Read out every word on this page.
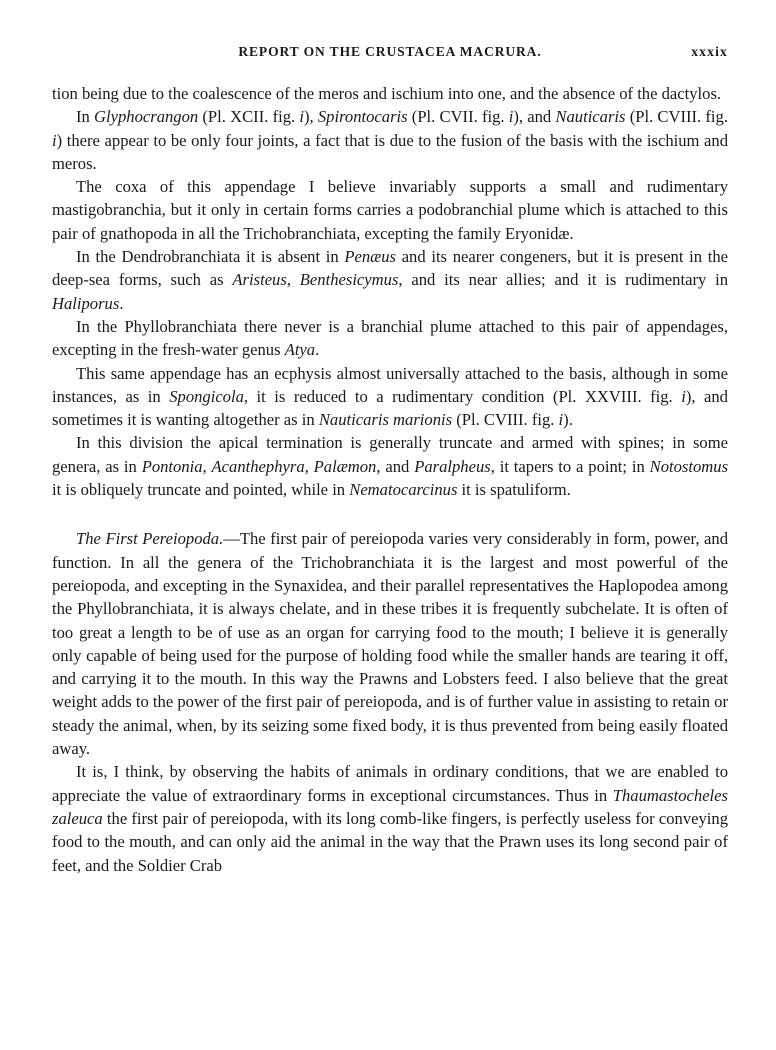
REPORT ON THE CRUSTACEA MACRURA.	xxxix

tion being due to the coalescence of the meros and ischium into one, and the absence of the dactylos.

In Glyphocrangon (Pl. XCII. fig. i), Spirontocaris (Pl. CVII. fig. i), and Nauticaris (Pl. CVIII. fig. i) there appear to be only four joints, a fact that is due to the fusion of the basis with the ischium and meros.

The coxa of this appendage I believe invariably supports a small and rudimentary mastigobranchia, but it only in certain forms carries a podobranchial plume which is attached to this pair of gnathopoda in all the Trichobranchiata, excepting the family Eryonidæ.

In the Dendrobranchiata it is absent in Penæus and its nearer congeners, but it is present in the deep-sea forms, such as Aristeus, Benthesicymus, and its near allies; and it is rudimentary in Haliporus.

In the Phyllobranchiata there never is a branchial plume attached to this pair of appendages, excepting in the fresh-water genus Atya.

This same appendage has an ecphysis almost universally attached to the basis, although in some instances, as in Spongicola, it is reduced to a rudimentary condition (Pl. XXVIII. fig. i), and sometimes it is wanting altogether as in Nauticaris marionis (Pl. CVIII. fig. i).

In this division the apical termination is generally truncate and armed with spines; in some genera, as in Pontonia, Acanthephyra, Palæmon, and Paralpheus, it tapers to a point; in Notostomus it is obliquely truncate and pointed, while in Nematocarcinus it is spatuliform.

The First Pereiopoda.—The first pair of pereiopoda varies very considerably in form, power, and function. In all the genera of the Trichobranchiata it is the largest and most powerful of the pereiopoda, and excepting in the Synaxidea, and their parallel representatives the Haplopodea among the Phyllobranchiata, it is always chelate, and in these tribes it is frequently subchelate. It is often of too great a length to be of use as an organ for carrying food to the mouth; I believe it is generally only capable of being used for the purpose of holding food while the smaller hands are tearing it off, and carrying it to the mouth. In this way the Prawns and Lobsters feed. I also believe that the great weight adds to the power of the first pair of pereiopoda, and is of further value in assisting to retain or steady the animal, when, by its seizing some fixed body, it is thus prevented from being easily floated away.

It is, I think, by observing the habits of animals in ordinary conditions, that we are enabled to appreciate the value of extraordinary forms in exceptional circumstances. Thus in Thaumastocheles zaleuca the first pair of pereiopoda, with its long comb-like fingers, is perfectly useless for conveying food to the mouth, and can only aid the animal in the way that the Prawn uses its long second pair of feet, and the Soldier Crab
